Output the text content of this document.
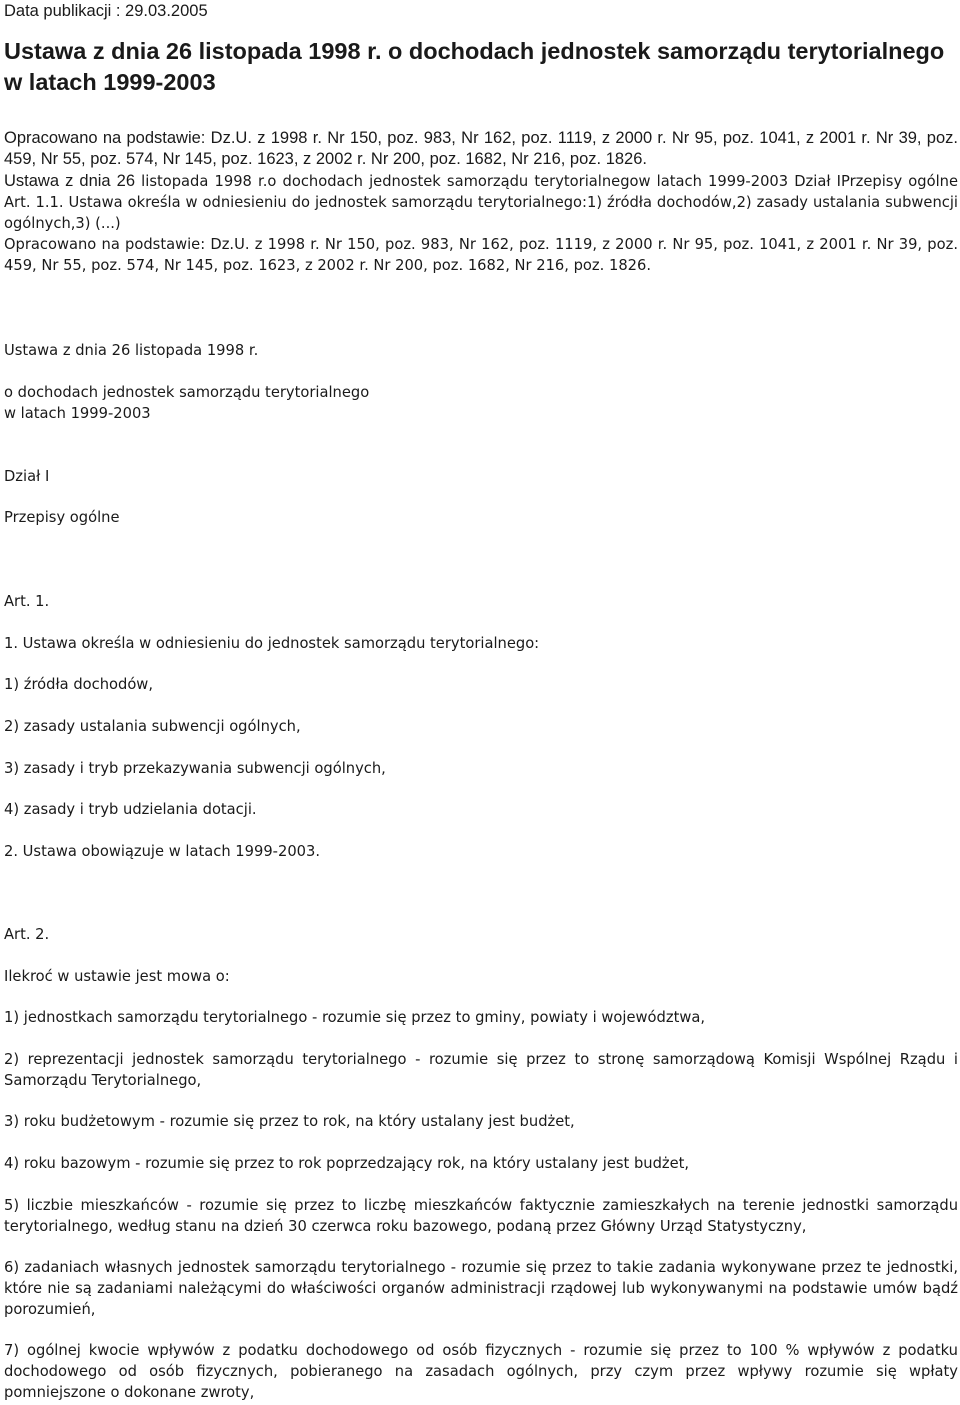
Data publikacji : 29.03.2005
Ustawa z dnia 26 listopada 1998 r. o dochodach jednostek samorządu terytorialnego w latach 1999-2003
Opracowano na podstawie: Dz.U. z 1998 r. Nr 150, poz. 983, Nr 162, poz. 1119, z 2000 r. Nr 95, poz. 1041, z 2001 r. Nr 39, poz. 459, Nr 55, poz. 574, Nr 145, poz. 1623, z 2002 r. Nr 200, poz. 1682, Nr 216, poz. 1826.
Ustawa z dnia 26 listopada 1998 r.o dochodach jednostek samorządu terytorialnegow latach 1999-2003 Dział IPrzepisy ogólne Art. 1.1. Ustawa określa w odniesieniu do jednostek samorządu terytorialnego:1) źródła dochodów,2) zasady ustalania subwencji ogólnych,3) (...)
Opracowano na podstawie: Dz.U. z 1998 r. Nr 150, poz. 983, Nr 162, poz. 1119, z 2000 r. Nr 95, poz. 1041, z 2001 r. Nr 39, poz. 459, Nr 55, poz. 574, Nr 145, poz. 1623, z 2002 r. Nr 200, poz. 1682, Nr 216, poz. 1826.

Ustawa z dnia 26 listopada 1998 r.

o dochodach jednostek samorządu terytorialnego

w latach 1999-2003

Dział I

Przepisy ogólne

Art. 1.

1. Ustawa określa w odniesieniu do jednostek samorządu terytorialnego:

1) źródła dochodów,

2) zasady ustalania subwencji ogólnych,

3) zasady i tryb przekazywania subwencji ogólnych,

4) zasady i tryb udzielania dotacji.

2. Ustawa obowiązuje w latach 1999-2003.

Art. 2.

Ilekroć w ustawie jest mowa o:

1) jednostkach samorządu terytorialnego - rozumie się przez to gminy, powiaty i województwa,

2) reprezentacji jednostek samorządu terytorialnego - rozumie się przez to stronę samorządową Komisji Wspólnej Rządu i Samorządu Terytorialnego,

3) roku budżetowym - rozumie się przez to rok, na który ustalany jest budżet,

4) roku bazowym - rozumie się przez to rok poprzedzający rok, na który ustalany jest budżet,

5) liczbie mieszkańców - rozumie się przez to liczbę mieszkańców faktycznie zamieszkałych na terenie jednostki samorządu terytorialnego, według stanu na dzień 30 czerwca roku bazowego, podaną przez Główny Urząd Statystyczny,

6) zadaniach własnych jednostek samorządu terytorialnego - rozumie się przez to takie zadania wykonywane przez te jednostki, które nie są zadaniami należącymi do właściwości organów administracji rządowej lub wykonywanymi na podstawie umów bądź porozumień,

7) ogólnej kwocie wpływów z podatku dochodowego od osób fizycznych - rozumie się przez to 100 % wpływów z podatku dochodowego od osób fizycznych, pobieranego na zasadach ogólnych, przy czym przez wpływy rozumie się wpłaty pomniejszone o dokonane zwroty,
